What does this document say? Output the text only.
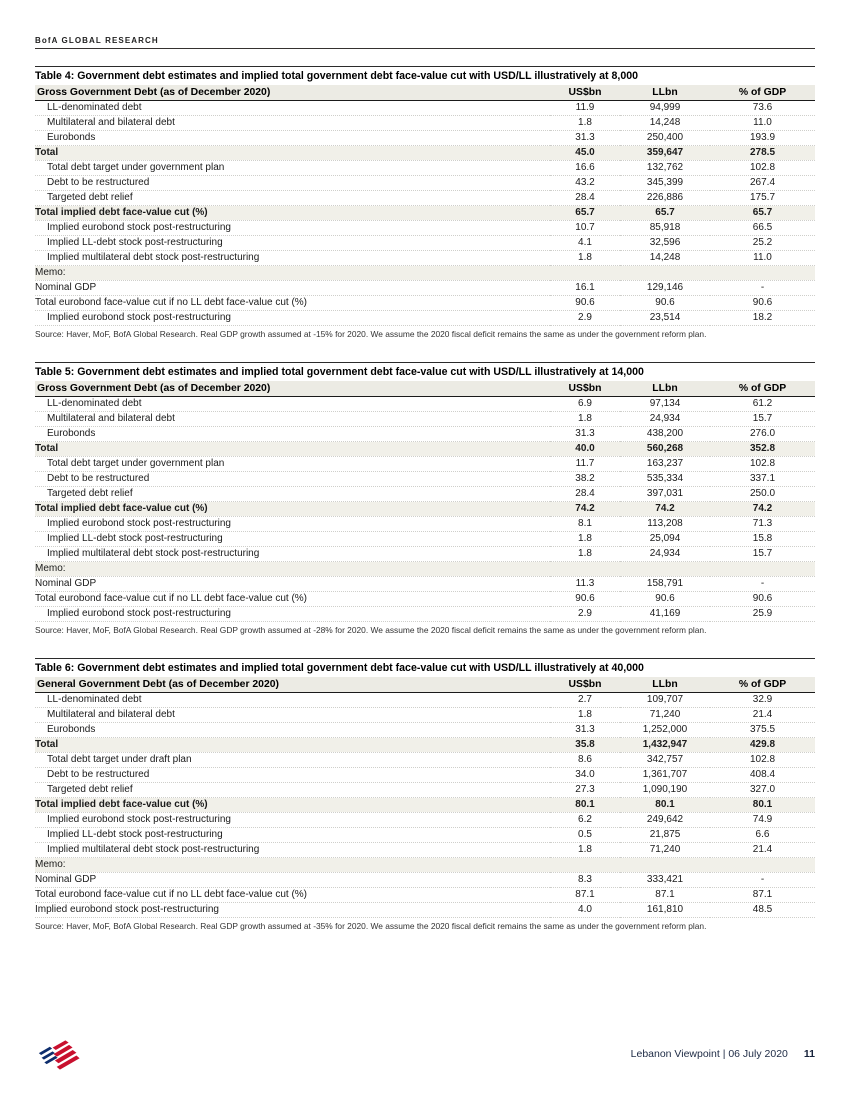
BofA GLOBAL RESEARCH
Table 4: Government debt estimates and implied total government debt face-value cut with USD/LL illustratively at 8,000
Gross Government Debt (as of December 2020)	US$bn	LLbn	% of GDP
LL-denominated debt	11.9	94,999	73.6
Multilateral and bilateral debt	1.8	14,248	11.0
Eurobonds	31.3	250,400	193.9
Total	45.0	359,647	278.5
Total debt target under government plan	16.6	132,762	102.8
Debt to be restructured	43.2	345,399	267.4
Targeted debt relief	28.4	226,886	175.7
Total implied debt face-value cut (%)	65.7	65.7	65.7
Implied eurobond stock post-restructuring	10.7	85,918	66.5
Implied LL-debt stock post-restructuring	4.1	32,596	25.2
Implied multilateral debt stock post-restructuring	1.8	14,248	11.0
Memo:			
Nominal GDP	16.1	129,146	-
Total eurobond face-value cut if no LL debt face-value cut (%)	90.6	90.6	90.6
Implied eurobond stock post-restructuring	2.9	23,514	18.2
Source: Haver, MoF, BofA Global Research. Real GDP growth assumed at -15% for 2020. We assume the 2020 fiscal deficit remains the same as under the government reform plan.
Table 5: Government debt estimates and implied total government debt face-value cut with USD/LL illustratively at 14,000
Gross Government Debt (as of December 2020)	US$bn	LLbn	% of GDP
LL-denominated debt	6.9	97,134	61.2
Multilateral and bilateral debt	1.8	24,934	15.7
Eurobonds	31.3	438,200	276.0
Total	40.0	560,268	352.8
Total debt target under government plan	11.7	163,237	102.8
Debt to be restructured	38.2	535,334	337.1
Targeted debt relief	28.4	397,031	250.0
Total implied debt face-value cut (%)	74.2	74.2	74.2
Implied eurobond stock post-restructuring	8.1	113,208	71.3
Implied LL-debt stock post-restructuring	1.8	25,094	15.8
Implied multilateral debt stock post-restructuring	1.8	24,934	15.7
Memo:			
Nominal GDP	11.3	158,791	-
Total eurobond face-value cut if no LL debt face-value cut (%)	90.6	90.6	90.6
Implied eurobond stock post-restructuring	2.9	41,169	25.9
Source: Haver, MoF, BofA Global Research. Real GDP growth assumed at -28% for 2020. We assume the 2020 fiscal deficit remains the same as under the government reform plan.
Table 6: Government debt estimates and implied total government debt face-value cut with USD/LL illustratively at 40,000
General Government Debt (as of December 2020)	US$bn	LLbn	% of GDP
LL-denominated debt	2.7	109,707	32.9
Multilateral and bilateral debt	1.8	71,240	21.4
Eurobonds	31.3	1,252,000	375.5
Total	35.8	1,432,947	429.8
Total debt target under draft plan	8.6	342,757	102.8
Debt to be restructured	34.0	1,361,707	408.4
Targeted debt relief	27.3	1,090,190	327.0
Total implied debt face-value cut (%)	80.1	80.1	80.1
Implied eurobond stock post-restructuring	6.2	249,642	74.9
Implied LL-debt stock post-restructuring	0.5	21,875	6.6
Implied multilateral debt stock post-restructuring	1.8	71,240	21.4
Memo:			
Nominal GDP	8.3	333,421	-
Total eurobond face-value cut if no LL debt face-value cut (%)	87.1	87.1	87.1
Implied eurobond stock post-restructuring	4.0	161,810	48.5
Source: Haver, MoF, BofA Global Research. Real GDP growth assumed at -35% for 2020. We assume the 2020 fiscal deficit remains the same as under the government reform plan.
Lebanon Viewpoint | 06 July 2020 11
